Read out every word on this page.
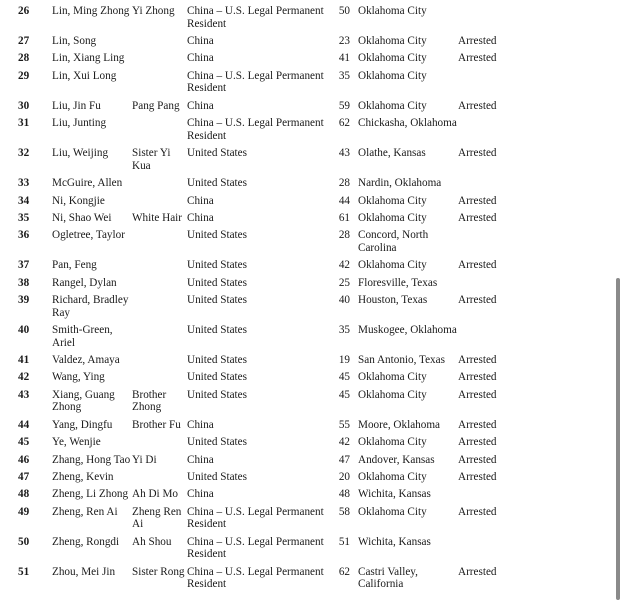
26	Lin, Ming Zhong	Yi Zhong	China – U.S. Legal Permanent Resident	50	Oklahoma City	
27	Lin, Song		China	23	Oklahoma City	Arrested
28	Lin, Xiang Ling		China	41	Oklahoma City	Arrested
29	Lin, Xui Long		China – U.S. Legal Permanent Resident	35	Oklahoma City	
30	Liu, Jin Fu	Pang Pang	China	59	Oklahoma City	Arrested
31	Liu, Junting		China – U.S. Legal Permanent Resident	62	Chickasha, Oklahoma	
32	Liu, Weijing	Sister Yi Kua	United States	43	Olathe, Kansas	Arrested
33	McGuire, Allen		United States	28	Nardin, Oklahoma	
34	Ni, Kongjie		China	44	Oklahoma City	Arrested
35	Ni, Shao Wei	White Hair	China	61	Oklahoma City	Arrested
36	Ogletree, Taylor		United States	28	Concord, North Carolina	
37	Pan, Feng		United States	42	Oklahoma City	Arrested
38	Rangel, Dylan		United States	25	Floresville, Texas	
39	Richard, Bradley Ray		United States	40	Houston, Texas	Arrested
40	Smith-Green, Ariel		United States	35	Muskogee, Oklahoma	
41	Valdez, Amaya		United States	19	San Antonio, Texas	Arrested
42	Wang, Ying		United States	45	Oklahoma City	Arrested
43	Xiang, Guang Zhong	Brother Zhong	United States	45	Oklahoma City	Arrested
44	Yang, Dingfu	Brother Fu	China	55	Moore, Oklahoma	Arrested
45	Ye, Wenjie		United States	42	Oklahoma City	Arrested
46	Zhang, Hong Tao	Yi Di	China	47	Andover, Kansas	Arrested
47	Zheng, Kevin		United States	20	Oklahoma City	Arrested
48	Zheng, Li Zhong	Ah Di Mo	China	48	Wichita, Kansas	
49	Zheng, Ren Ai	Zheng Ren Ai	China – U.S. Legal Permanent Resident	58	Oklahoma City	Arrested
50	Zheng, Rongdi	Ah Shou	China – U.S. Legal Permanent Resident	51	Wichita, Kansas	
51	Zhou, Mei Jin	Sister Rong	China – U.S. Legal Permanent Resident	62	Castri Valley, California	Arrested
